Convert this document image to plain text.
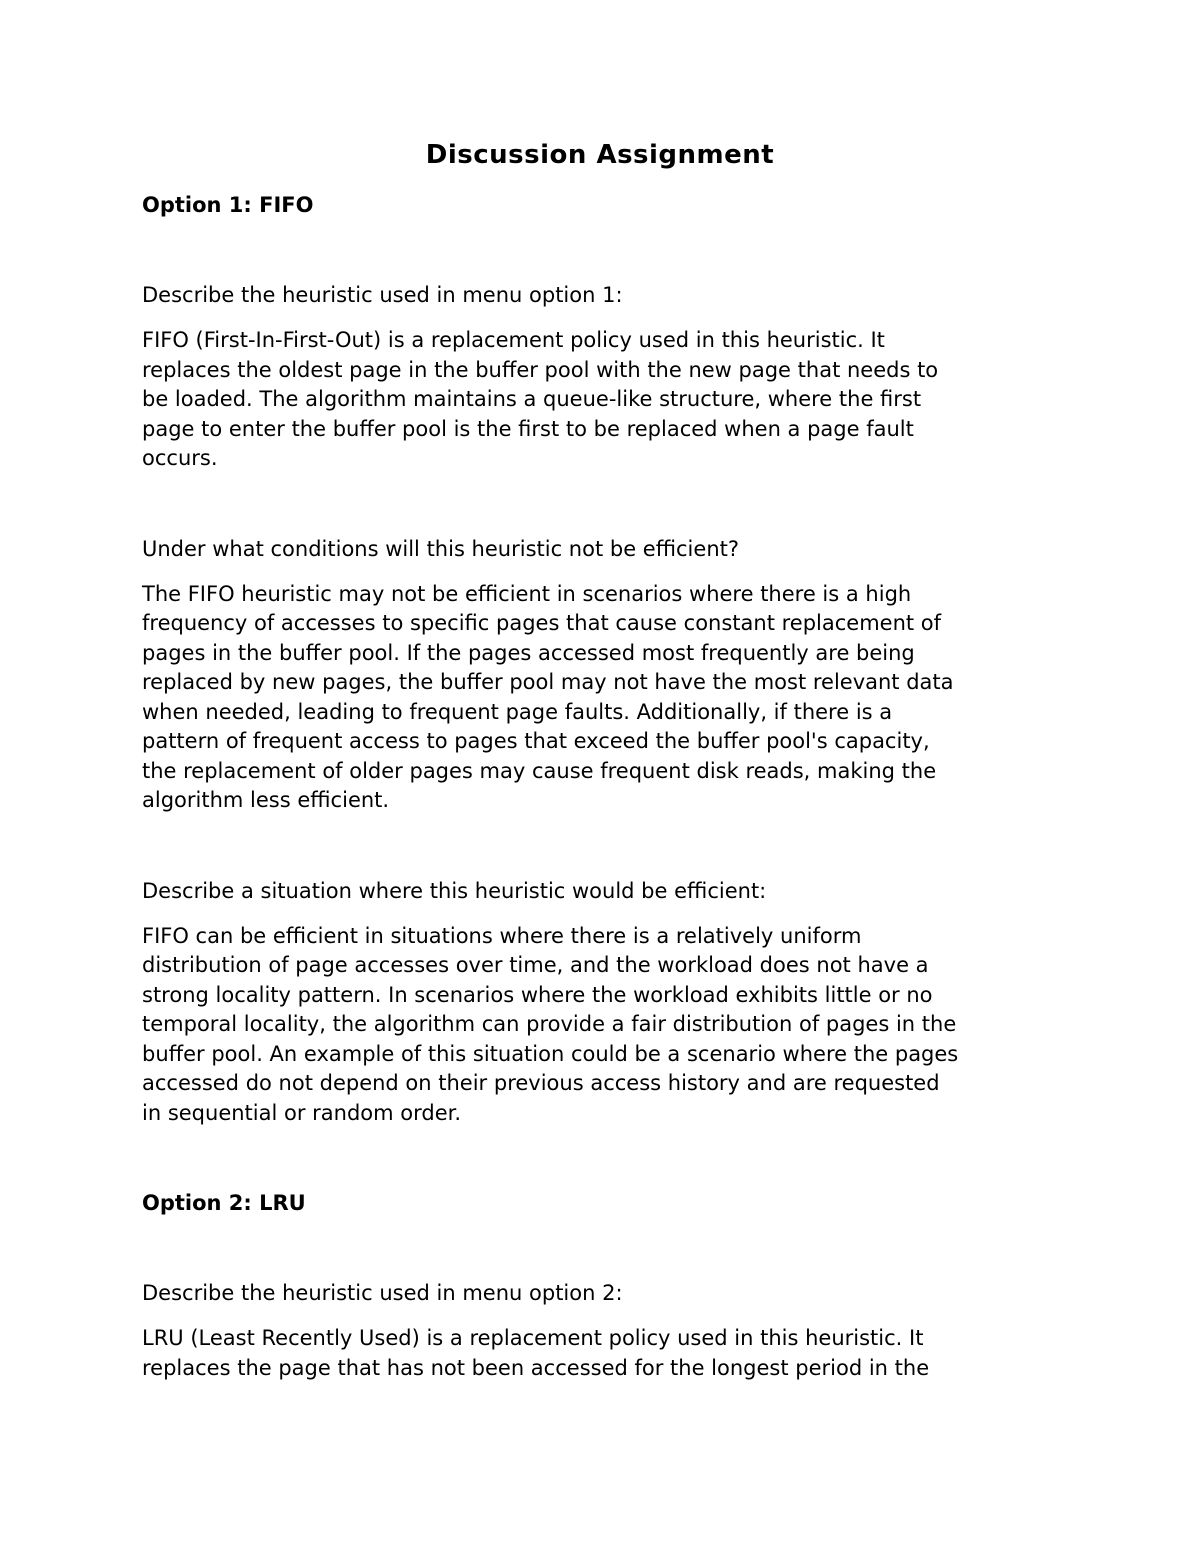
Discussion Assignment

Option 1: FIFO

Describe the heuristic used in menu option 1:

FIFO (First-In-First-Out) is a replacement policy used in this heuristic. It

replaces the oldest page in the buffer pool with the new page that needs to

be loaded. The algorithm maintains a queue-like structure, where the first

page to enter the buffer pool is the first to be replaced when a page fault

occurs.

Under what conditions will this heuristic not be efficient?

The FIFO heuristic may not be efficient in scenarios where there is a high

frequency of accesses to specific pages that cause constant replacement of

pages in the buffer pool. If the pages accessed most frequently are being

replaced by new pages, the buffer pool may not have the most relevant data

when needed, leading to frequent page faults. Additionally, if there is a

pattern of frequent access to pages that exceed the buffer pool's capacity,

the replacement of older pages may cause frequent disk reads, making the

algorithm less efficient.

Describe a situation where this heuristic would be efficient:

FIFO can be efficient in situations where there is a relatively uniform

distribution of page accesses over time, and the workload does not have a

strong locality pattern. In scenarios where the workload exhibits little or no

temporal locality, the algorithm can provide a fair distribution of pages in the

buffer pool. An example of this situation could be a scenario where the pages

accessed do not depend on their previous access history and are requested

in sequential or random order.

Option 2: LRU

Describe the heuristic used in menu option 2:

LRU (Least Recently Used) is a replacement policy used in this heuristic. It

replaces the page that has not been accessed for the longest period in the
